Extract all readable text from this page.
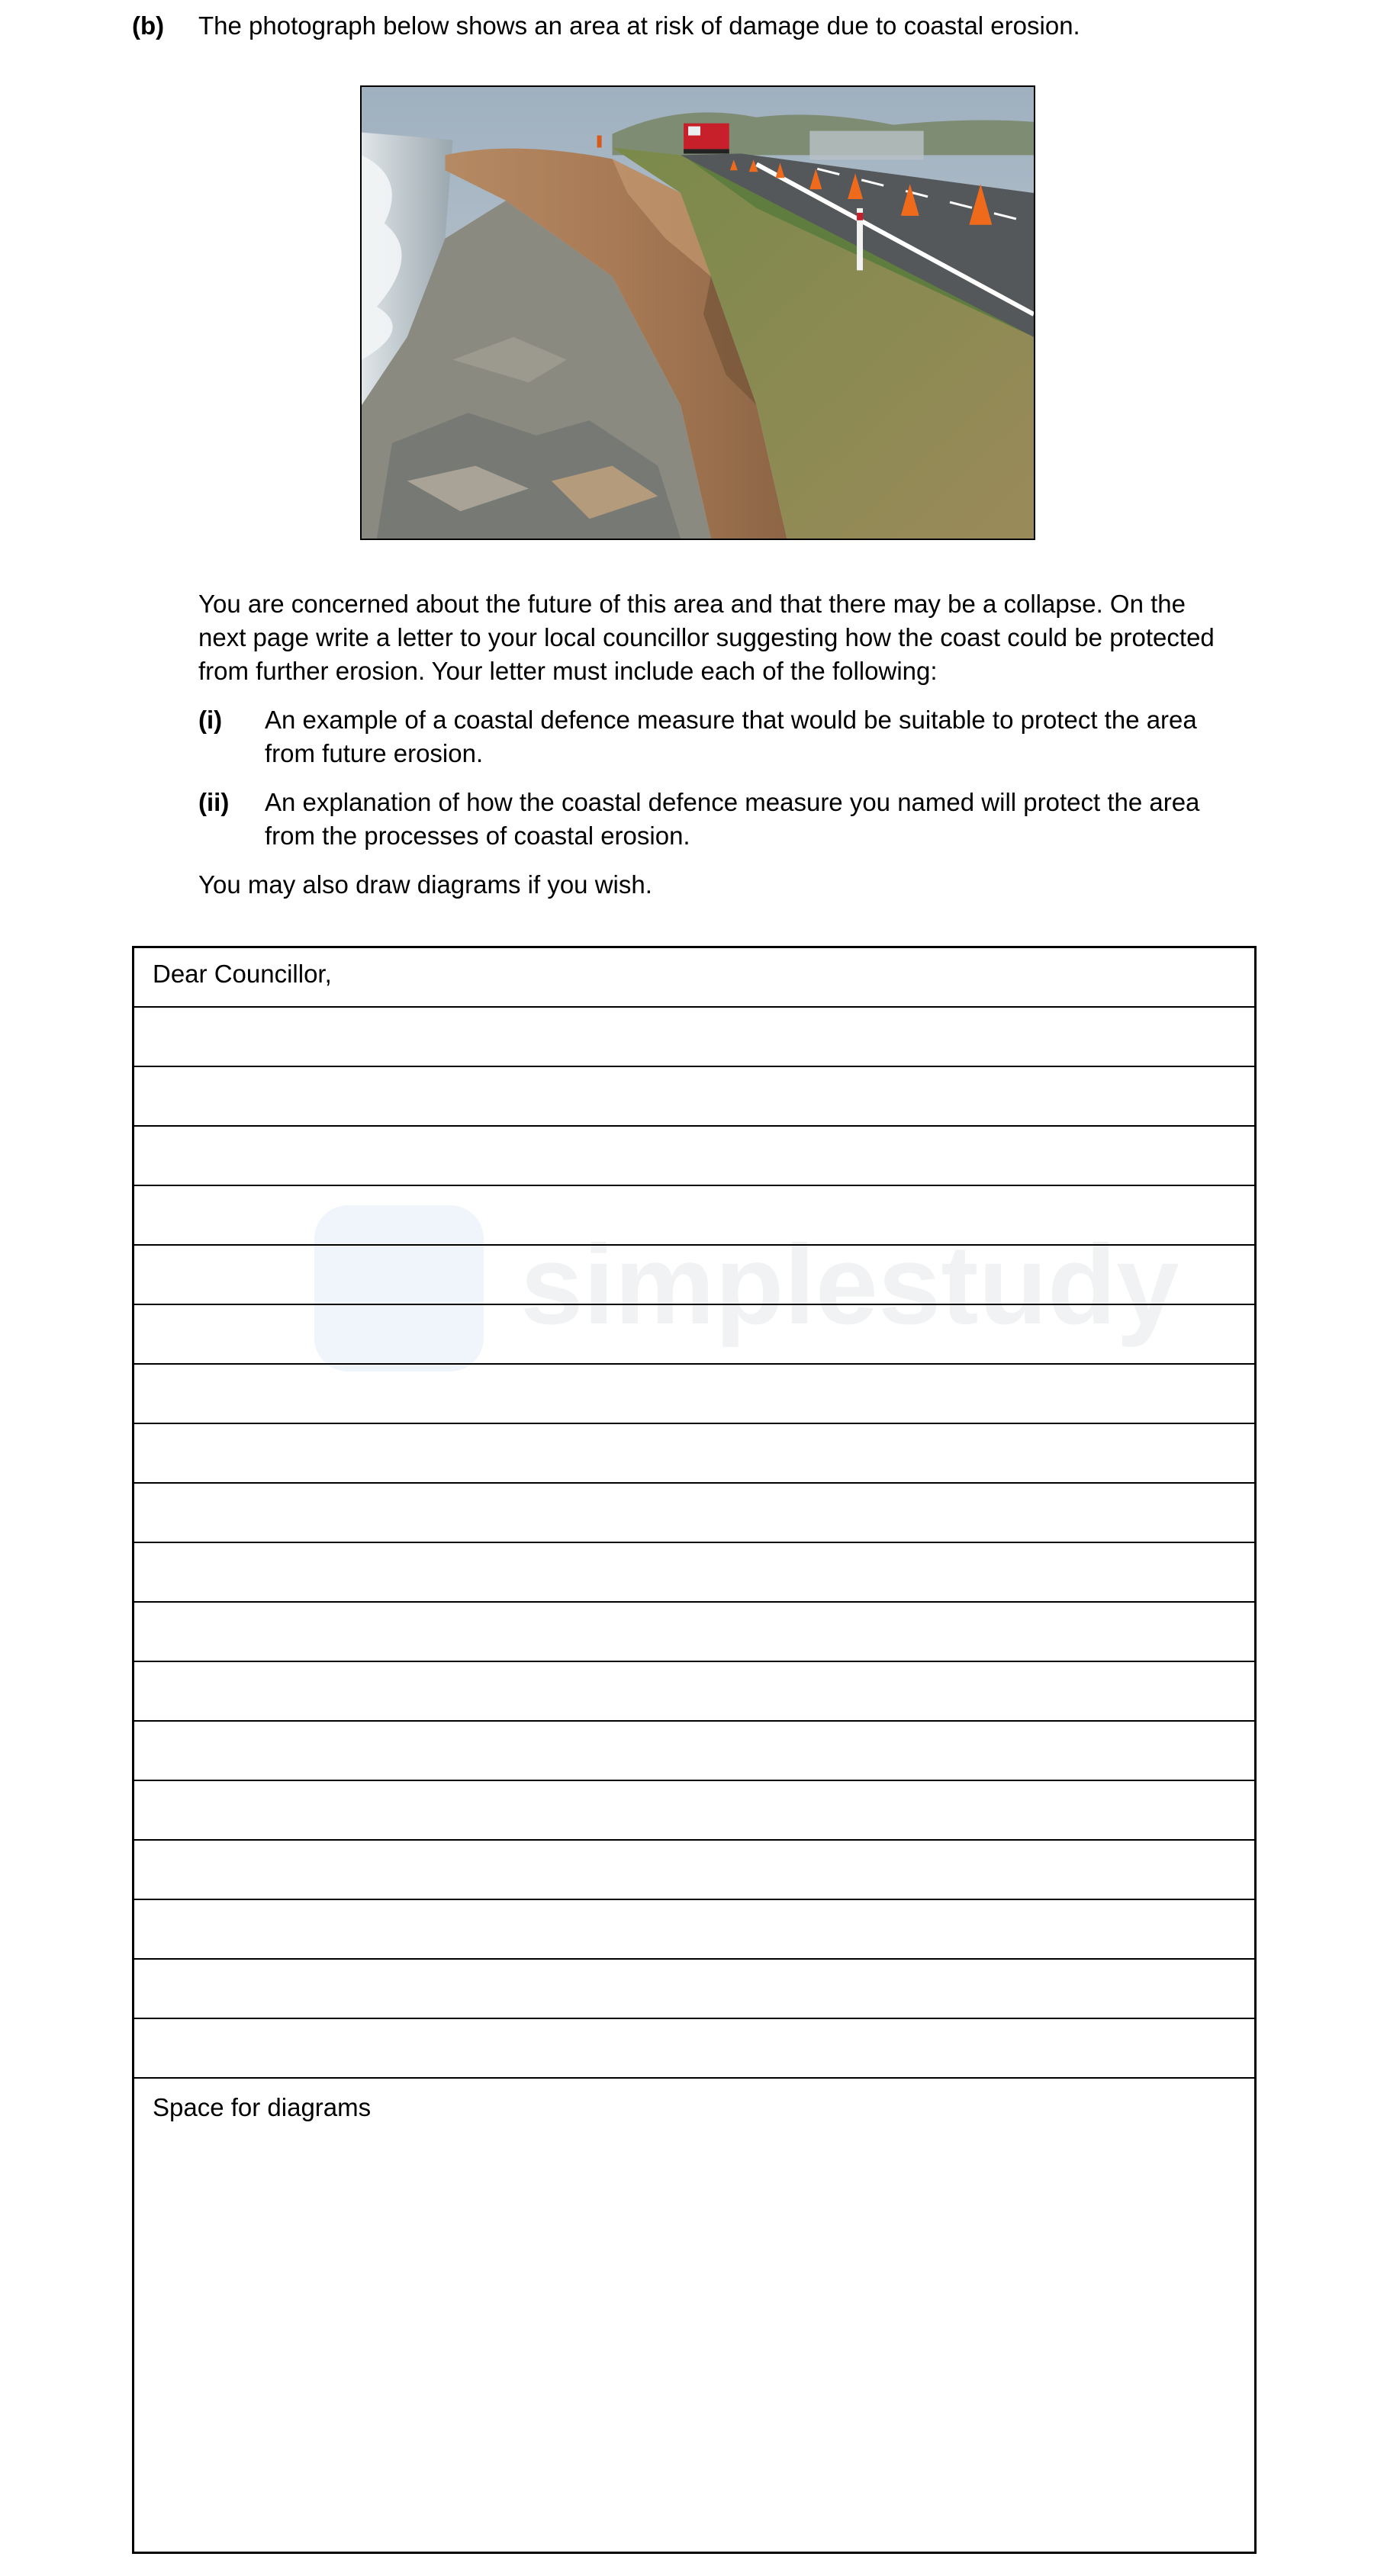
(b) The photograph below shows an area at risk of damage due to coastal erosion.

You are concerned about the future of this area and that there may be a collapse. On the

next page write a letter to your local councillor suggesting how the coast could be protected

from further erosion. Your letter must include each of the following:

(i) An example of a coastal defence measure that would be suitable to protect the area
from future erosion.
(ii) An explanation of how the coastal defence measure you named will protect the area
from the processes of coastal erosion.
You may also draw diagrams if you wish.
simplestudy
Dear Councillor,
Space for diagrams
